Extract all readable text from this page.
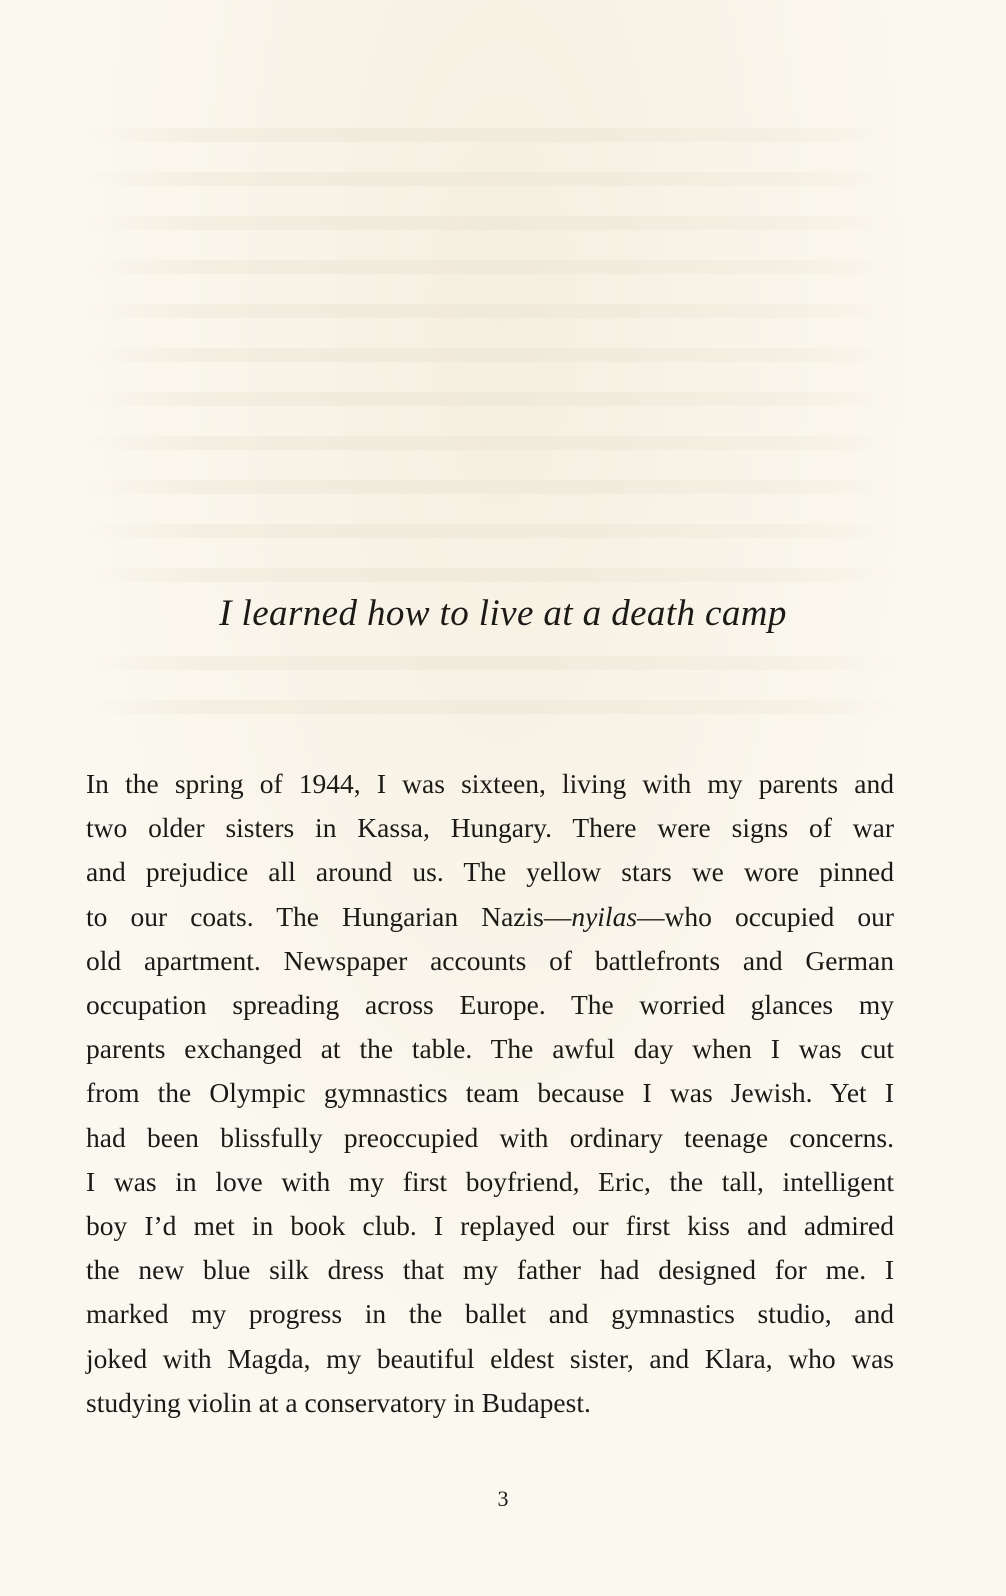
I learned how to live at a death camp
In the spring of 1944, I was sixteen, living with my parents and
two older sisters in Kassa, Hungary. There were signs of war
and prejudice all around us. The yellow stars we wore pinned
to our coats. The Hungarian Nazis—nyilas—who occupied our
old apartment. Newspaper accounts of battlefronts and German
occupation spreading across Europe. The worried glances my
parents exchanged at the table. The awful day when I was cut
from the Olympic gymnastics team because I was Jewish. Yet I
had been blissfully preoccupied with ordinary teenage concerns.
I was in love with my first boyfriend, Eric, the tall, intelligent
boy I’d met in book club. I replayed our first kiss and admired
the new blue silk dress that my father had designed for me. I
marked my progress in the ballet and gymnastics studio, and
joked with Magda, my beautiful eldest sister, and Klara, who was
studying violin at a conservatory in Budapest.

3
